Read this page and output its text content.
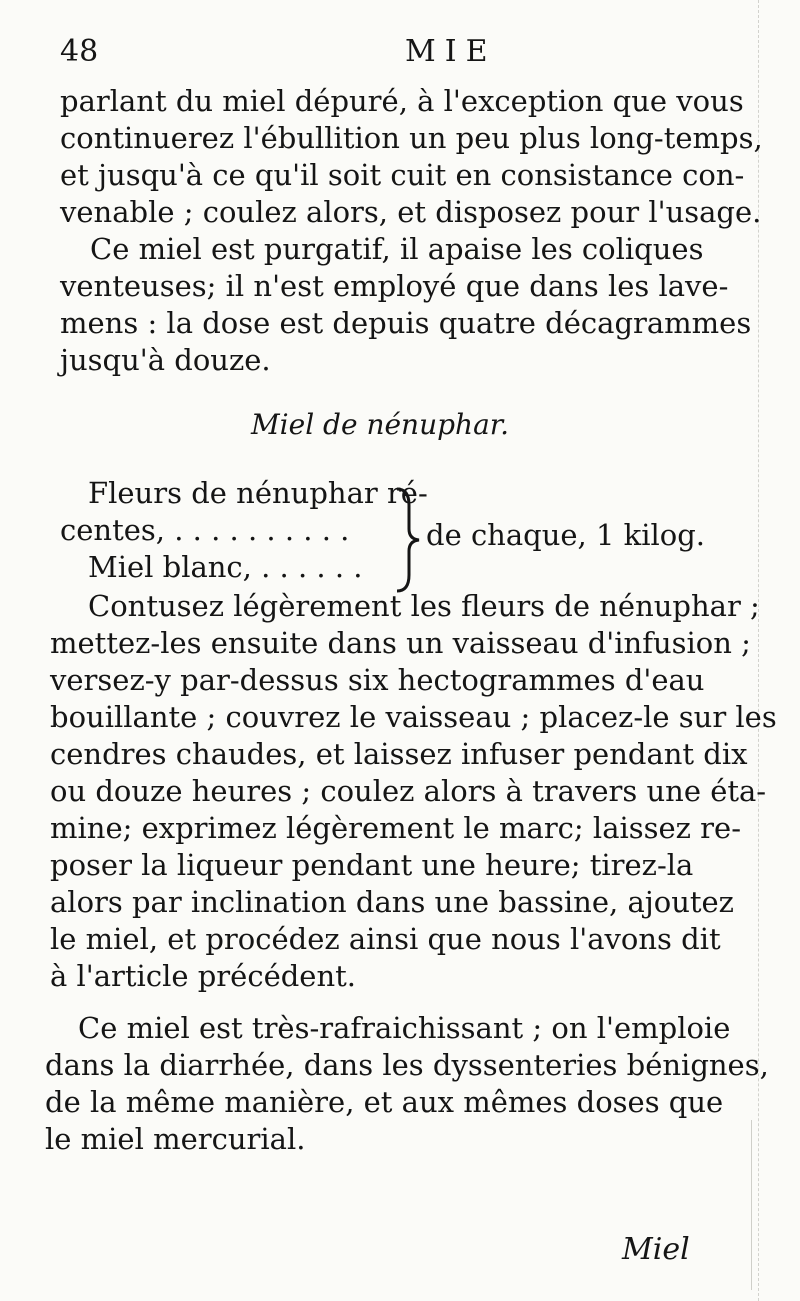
48	MIE
parlant du miel dépuré, à l'exception que vous
continuerez l'ébullition un peu plus long-temps,
et jusqu'à ce qu'il soit cuit en consistance con-
venable ; coulez alors, et disposez pour l'usage.
Ce miel est purgatif, il apaise les coliques
venteuses; il n'est employé que dans les lave-
mens : la dose est depuis quatre décagrammes
jusqu'à douze.
Miel de nénuphar.
Fleurs de nénuphar ré-
centes, . . . . . . . . . .
Miel blanc, . . . . . .
de chaque, 1 kilog.
Contusez légèrement les fleurs de nénuphar ;
mettez-les ensuite dans un vaisseau d'infusion ;
versez-y par-dessus six hectogrammes d'eau
bouillante ; couvrez le vaisseau ; placez-le sur les
cendres chaudes, et laissez infuser pendant dix
ou douze heures ; coulez alors à travers une éta-
mine; exprimez légèrement le marc; laissez re-
poser la liqueur pendant une heure; tirez-la
alors par inclination dans une bassine, ajoutez
le miel, et procédez ainsi que nous l'avons dit
à l'article précédent.
Ce miel est très-rafraichissant ; on l'emploie
dans la diarrhée, dans les dyssenteries bénignes,
de la même manière, et aux mêmes doses que
le miel mercurial.
Miel
